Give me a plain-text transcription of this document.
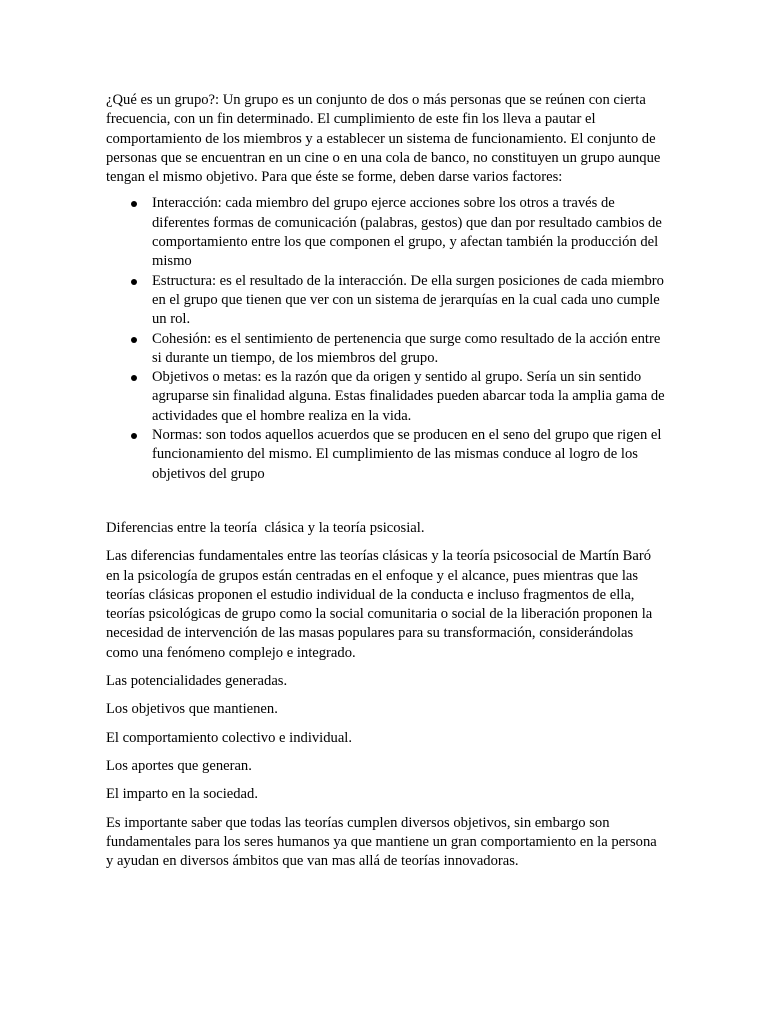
¿Qué es un grupo?: Un grupo es un conjunto de dos o más personas que se reúnen con cierta frecuencia, con un fin determinado. El cumplimiento de este fin los lleva a pautar el comportamiento de los miembros y a establecer un sistema de funcionamiento. El conjunto de personas que se encuentran en un cine o en una cola de banco, no constituyen un grupo aunque tengan el mismo objetivo. Para que éste se forme, deben darse varios factores:

Interacción: cada miembro del grupo ejerce acciones sobre los otros a través de diferentes formas de comunicación (palabras, gestos) que dan por resultado cambios de comportamiento entre los que componen el grupo, y afectan también la producción del mismo
Estructura: es el resultado de la interacción. De ella surgen posiciones de cada miembro en el grupo que tienen que ver con un sistema de jerarquías en la cual cada uno cumple un rol.
Cohesión: es el sentimiento de pertenencia que surge como resultado de la acción entre si durante un tiempo, de los miembros del grupo.
Objetivos o metas: es la razón que da origen y sentido al grupo. Sería un sin sentido agruparse sin finalidad alguna. Estas finalidades pueden abarcar toda la amplia gama de actividades que el hombre realiza en la vida.
Normas: son todos aquellos acuerdos que se producen en el seno del grupo que rigen el funcionamiento del mismo. El cumplimiento de las mismas conduce al logro de los objetivos del grupo

Diferencias entre la teoría  clásica y la teoría psicosial.

Las diferencias fundamentales entre las teorías clásicas y la teoría psicosocial de Martín Baró en la psicología de grupos están centradas en el enfoque y el alcance, pues mientras que las teorías clásicas proponen el estudio individual de la conducta e incluso fragmentos de ella, teorías psicológicas de grupo como la social comunitaria o social de la liberación proponen la necesidad de intervención de las masas populares para su transformación, considerándolas como una fenómeno complejo e integrado.

Las potencialidades generadas.

Los objetivos que mantienen.

El comportamiento colectivo e individual.

Los aportes que generan.

El imparto en la sociedad.

Es importante saber que todas las teorías cumplen diversos objetivos, sin embargo son fundamentales para los seres humanos ya que mantiene un gran comportamiento en la persona y ayudan en diversos ámbitos que van mas allá de teorías innovadoras.
